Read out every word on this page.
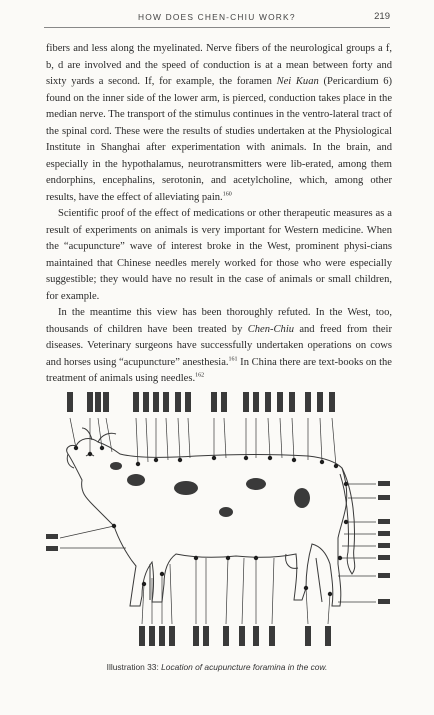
HOW DOES CHEN-CHIU WORK?	219

fibers and less along the myelinated. Nerve fibers of the neurological groups a f, b, d are involved and the speed of conduction is at a mean between forty and sixty yards a second. If, for example, the foramen Nei Kuan (Pericardium 6) found on the inner side of the lower arm, is pierced, conduction takes place in the median nerve. The transport of the stimulus continues in the ventro-lateral tract of the spinal cord. These were the results of studies undertaken at the Physiological Institute in Shanghai after experimentation with animals. In the brain, and especially in the hypothalamus, neurotransmitters were lib-erated, among them endorphins, encephalins, serotonin, and acetylcholine, which, among other results, have the effect of alleviating pain.$^{160}$

Scientific proof of the effect of medications or other therapeutic measures as a result of experiments on animals is very important for Western medicine. When the “acupuncture” wave of interest broke in the West, prominent physi-cians maintained that Chinese needles merely worked for those who were especially suggestible; they would have no result in the case of animals or small children, for example.

In the meantime this view has been thoroughly refuted. In the West, too, thousands of children have been treated by Chen-Chiu and freed from their diseases. Veterinary surgeons have successfully undertaken operations on cows and horses using “acupuncture” anesthesia.$^{161}$ In China there are text-books on the treatment of animals using needles.$^{162}$

Illustration 33: Location of acupuncture foramina in the cow.
